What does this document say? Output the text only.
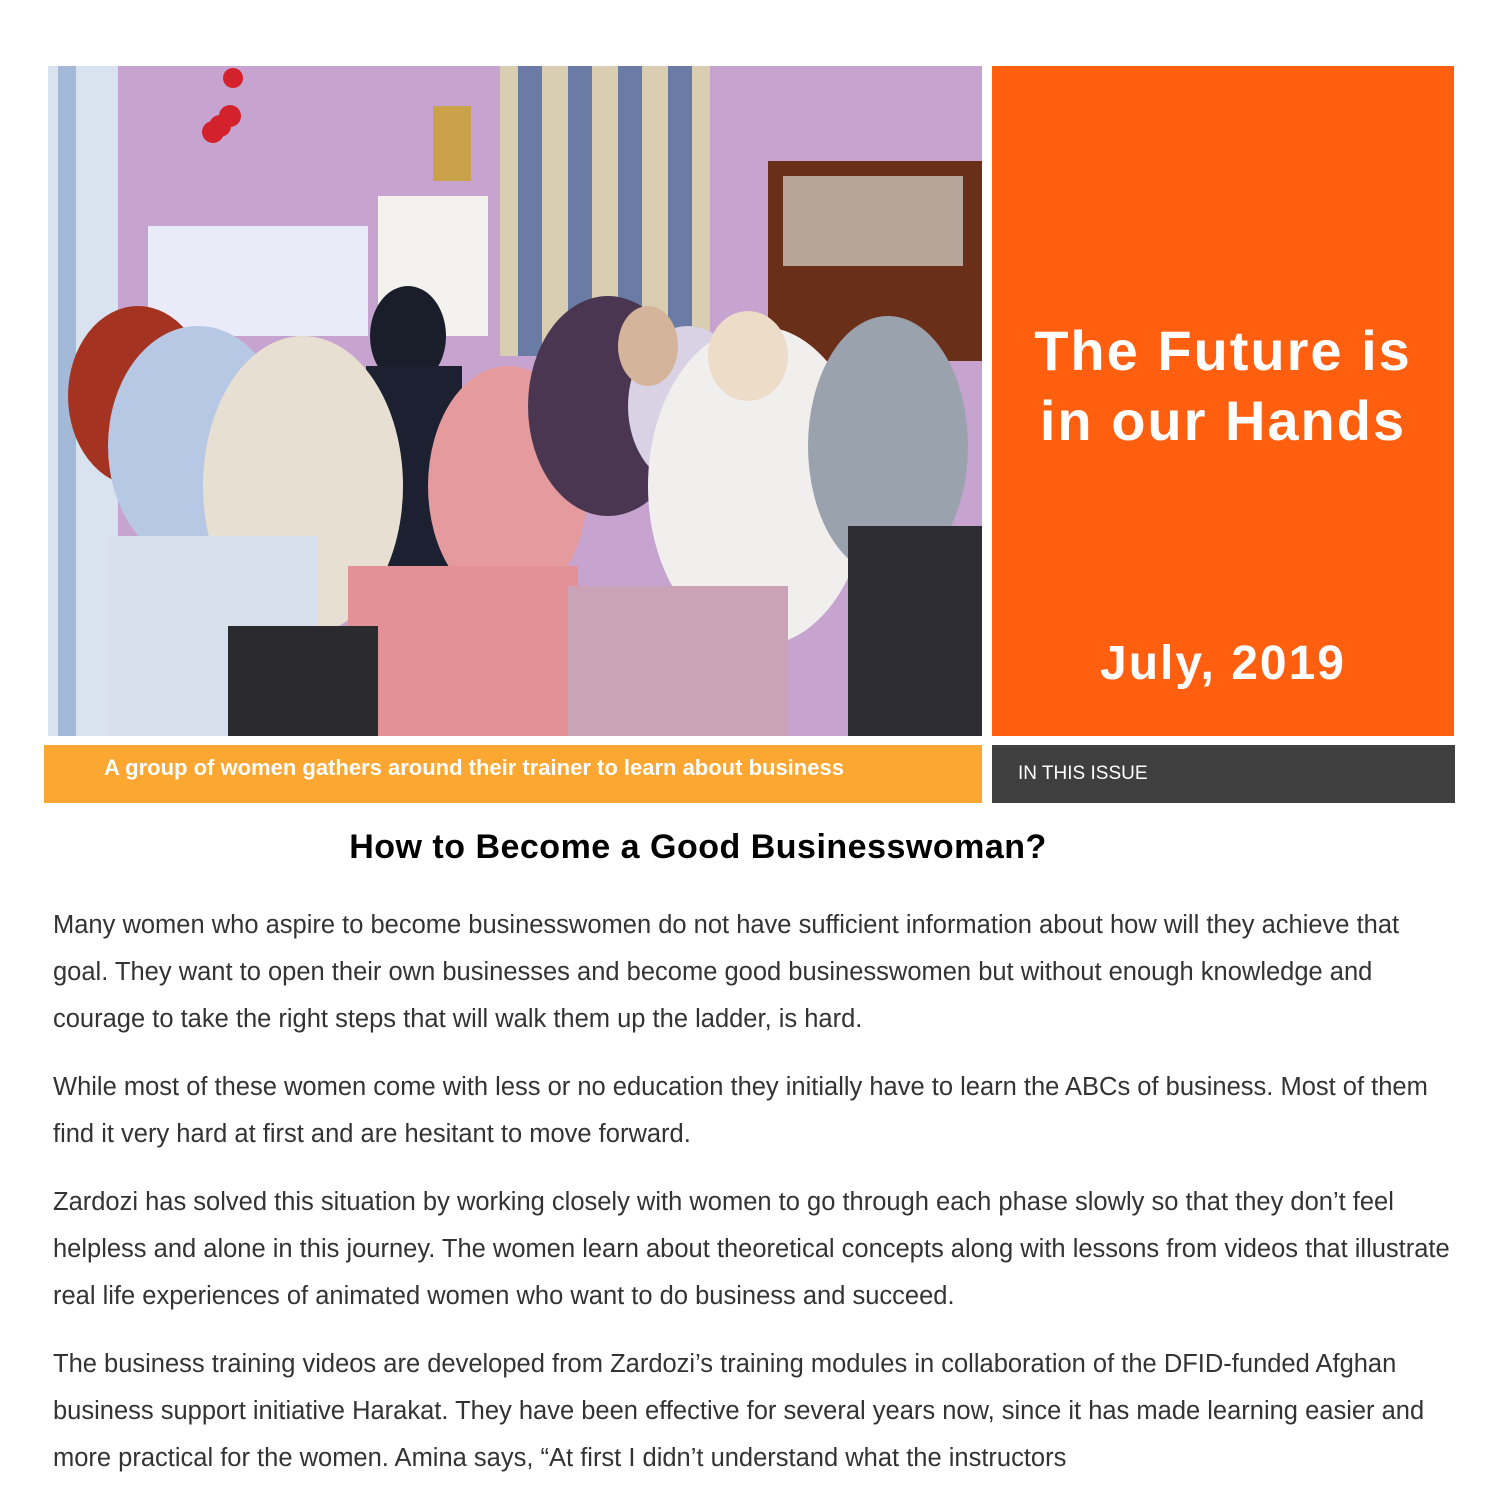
The Future is in our Hands
July, 2019
A group of women gathers around their trainer to learn about business	IN THIS ISSUE
How to Become a Good Businesswoman?

Many women who aspire to become businesswomen do not have sufficient information about how will they achieve that goal. They want to open their own businesses and become good businesswomen but without enough knowledge and courage to take the right steps that will walk them up the ladder, is hard.

While most of these women come with less or no education they initially have to learn the ABCs of business. Most of them find it very hard at first and are hesitant to move forward.

Zardozi has solved this situation by working closely with women to go through each phase slowly so that they don’t feel helpless and alone in this journey. The women learn about theoretical concepts along with lessons from videos that illustrate real life experiences of animated women who want to do business and succeed.

The business training videos are developed from Zardozi’s training modules in collaboration of the DFID-funded Afghan business support initiative Harakat. They have been effective for several years now, since it has made learning easier and more practical for the women. Amina says, “At first I didn’t understand what the instructors
